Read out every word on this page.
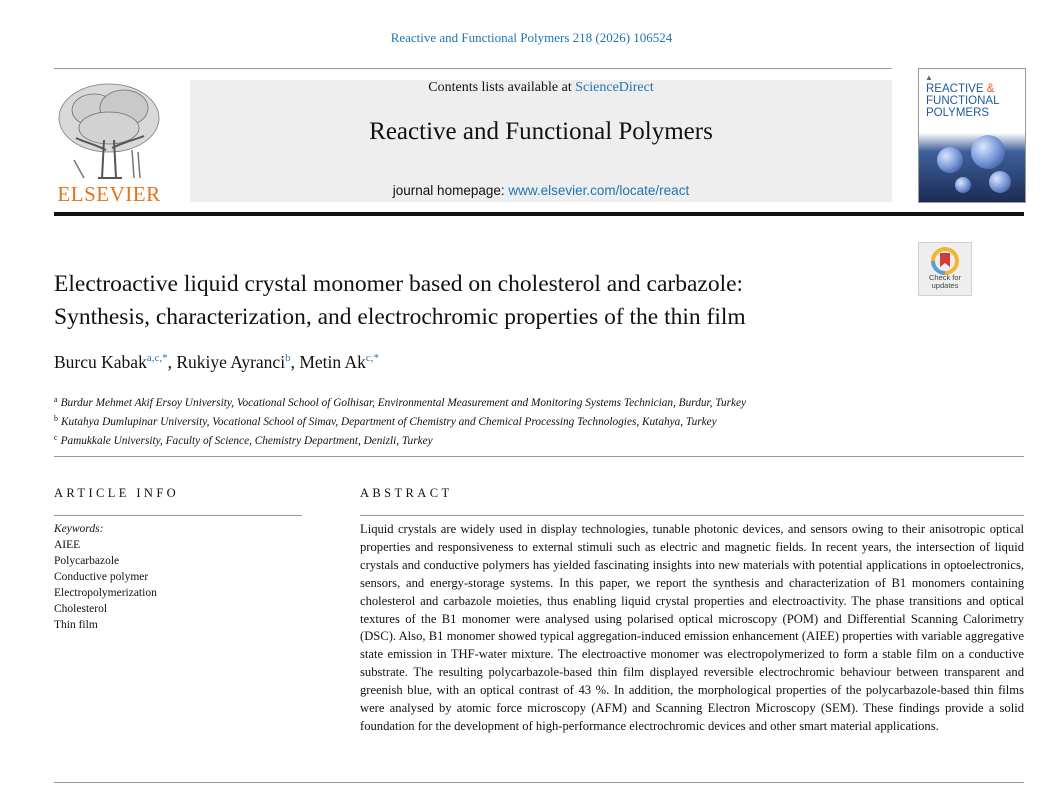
Reactive and Functional Polymers 218 (2026) 106524
ELSEVIER
Contents lists available at ScienceDirect
Reactive and Functional Polymers
journal homepage: www.elsevier.com/locate/react
▲
REACTIVE &
FUNCTIONAL
POLYMERS
Check for
updates
Electroactive liquid crystal monomer based on cholesterol and carbazole:
Synthesis, characterization, and electrochromic properties of the thin film
Burcu Kabak$^{a,c,*}$, Rukiye Ayranci$^b$, Metin $Ak^{c,*}$
$^a$ Burdur Mehmet Akif Ersoy University, Vocational School of Golhisar, Environmental Measurement and Monitoring Systems Technician, Burdur, Turkey
$^b$ Kutahya Dumlupinar University, Vocational School of Simav, Department of Chemistry and Chemical Processing Technologies, Kutahya, Turkey
$^c$ Pamukkale University, Faculty of Science, Chemistry Department, Denizli, Turkey
ARTICLE INFO	ABSTRACT
Keywords:
AIEE
Polycarbazole
Conductive polymer
Electropolymerization
Cholesterol
Thin film
Liquid crystals are widely used in display technologies, tunable photonic devices, and sensors owing to their anisotropic optical properties and responsiveness to external stimuli such as electric and magnetic fields. In recent years, the intersection of liquid crystals and conductive polymers has yielded fascinating insights into new materials with potential applications in optoelectronics, sensors, and energy-storage systems. In this paper, we report the synthesis and characterization of B1 monomers containing cholesterol and carbazole moieties, thus enabling liquid crystal properties and electroactivity. The phase transitions and optical textures of the B1 monomer were analysed using polarised optical microscopy (POM) and Differential Scanning Calorimetry (DSC). Also, B1 monomer showed typical aggregation-induced emission enhancement (AIEE) properties with variable aggregative state emission in THF-water mixture. The electroactive monomer was electropolymerized to form a stable film on a conductive substrate. The resulting polycarbazole-based thin film displayed reversible electrochromic behaviour between transparent and greenish blue, with an optical contrast of 43 %. In addition, the morphological properties of the polycarbazole-based thin films were analysed by atomic force microscopy (AFM) and Scanning Electron Microscopy (SEM). These findings provide a solid foundation for the development of high-performance electrochromic devices and other smart material applications.
